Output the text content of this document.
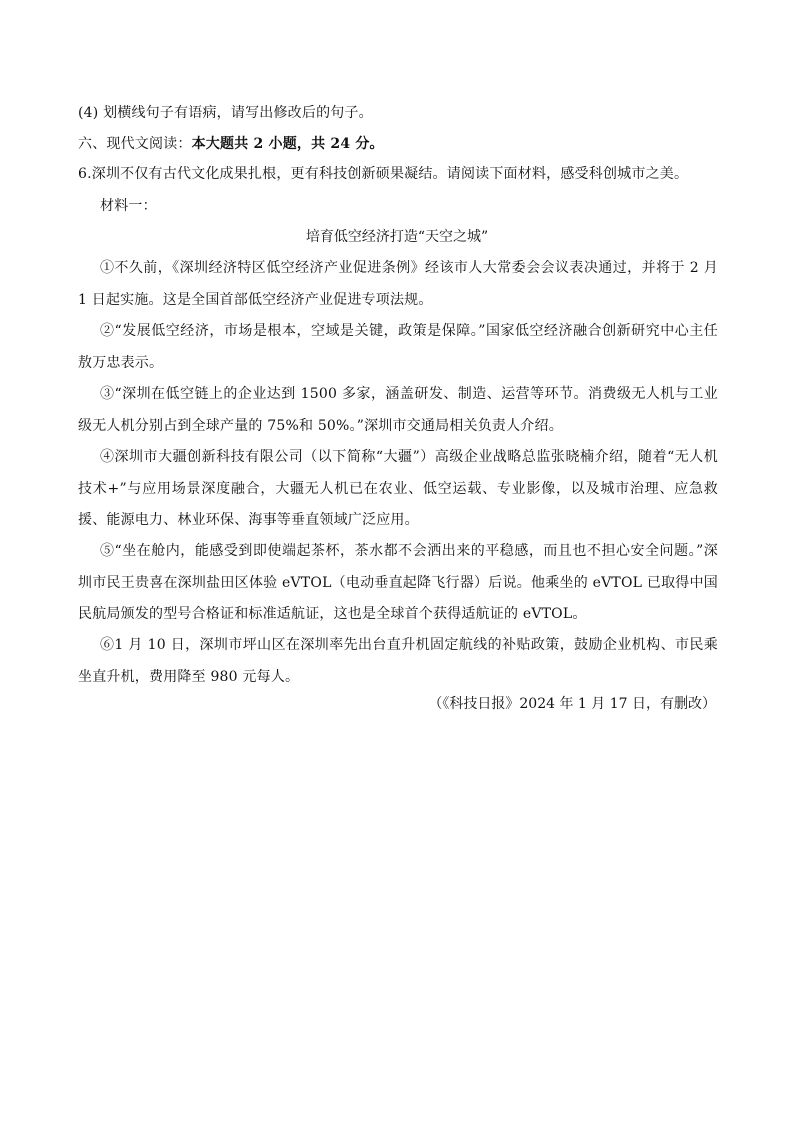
(4) 划横线句子有语病，请写出修改后的句子。
六、现代文阅读：本大题共 2 小题，共 24 分。
6.深圳不仅有古代文化成果扎根，更有科技创新硕果凝结。请阅读下面材料，感受科创城市之美。
材料一：
培育低空经济打造“天空之城”
①不久前，《深圳经济特区低空经济产业促进条例》经该市人大常委会会议表决通过，并将于 2 月 1 日起实施。这是全国首部低空经济产业促进专项法规。
②“发展低空经济，市场是根本，空域是关键，政策是保障。”国家低空经济融合创新研究中心主任敖万忠表示。
③“深圳在低空链上的企业达到 1500 多家，涵盖研发、制造、运营等环节。消费级无人机与工业级无人机分别占到全球产量的 75%和 50%。”深圳市交通局相关负责人介绍。
④深圳市大疆创新科技有限公司（以下简称“大疆”）高级企业战略总监张晓楠介绍，随着“无人机技术+”与应用场景深度融合，大疆无人机已在农业、低空运载、专业影像，以及城市治理、应急救援、能源电力、林业环保、海事等垂直领域广泛应用。
⑤“坐在舱内，能感受到即使端起茶杯，茶水都不会洒出来的平稳感，而且也不担心安全问题。”深圳市民王贵喜在深圳盐田区体验 eVTOL（电动垂直起降飞行器）后说。他乘坐的 eVTOL 已取得中国民航局颁发的型号合格证和标准适航证，这也是全球首个获得适航证的 eVTOL。
⑥1 月 10 日，深圳市坪山区在深圳率先出台直升机固定航线的补贴政策，鼓励企业机构、市民乘坐直升机，费用降至 980 元每人。
（《科技日报》2024 年 1 月 17 日，有删改）
